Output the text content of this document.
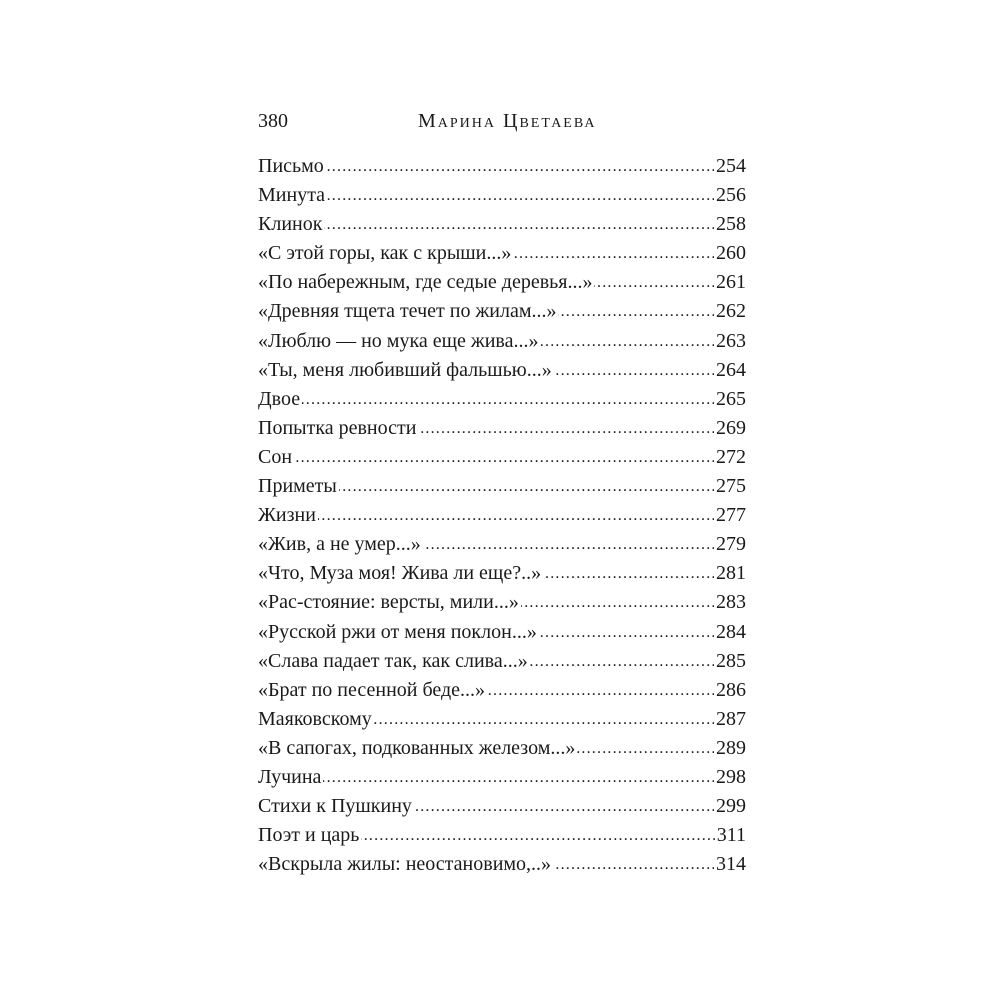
380	Марина Цветаева
Письмо . . .	254
Минута . . .	256
Клинок . . .	258
«С этой горы, как с крыши...» . . .	260
«По набережным, где седые деревья...» . . .	261
«Древняя тщета течет по жилам...» . . .	262
«Люблю — но мука еще жива...» . . .	263
«Ты, меня любивший фальшью...» . . .	264
Двое . . .	265
Попытка ревности . . .	269
Сон . . .	272
Приметы . . .	275
Жизни . . .	277
«Жив, а не умер...» . . .	279
«Что, Муза моя! Жива ли еще?..» . . .	281
«Рас-стояние: версты, мили...» . . .	283
«Русской ржи от меня поклон...» . . .	284
«Слава падает так, как слива...» . . .	285
«Брат по песенной беде...» . . .	286
Маяковскому . . .	287
«В сапогах, подкованных железом...» . . .	289
Лучина . . .	298
Стихи к Пушкину . . .	299
Поэт и царь . . .	311
«Вскрыла жилы: неостановимо,..» . . .	314
